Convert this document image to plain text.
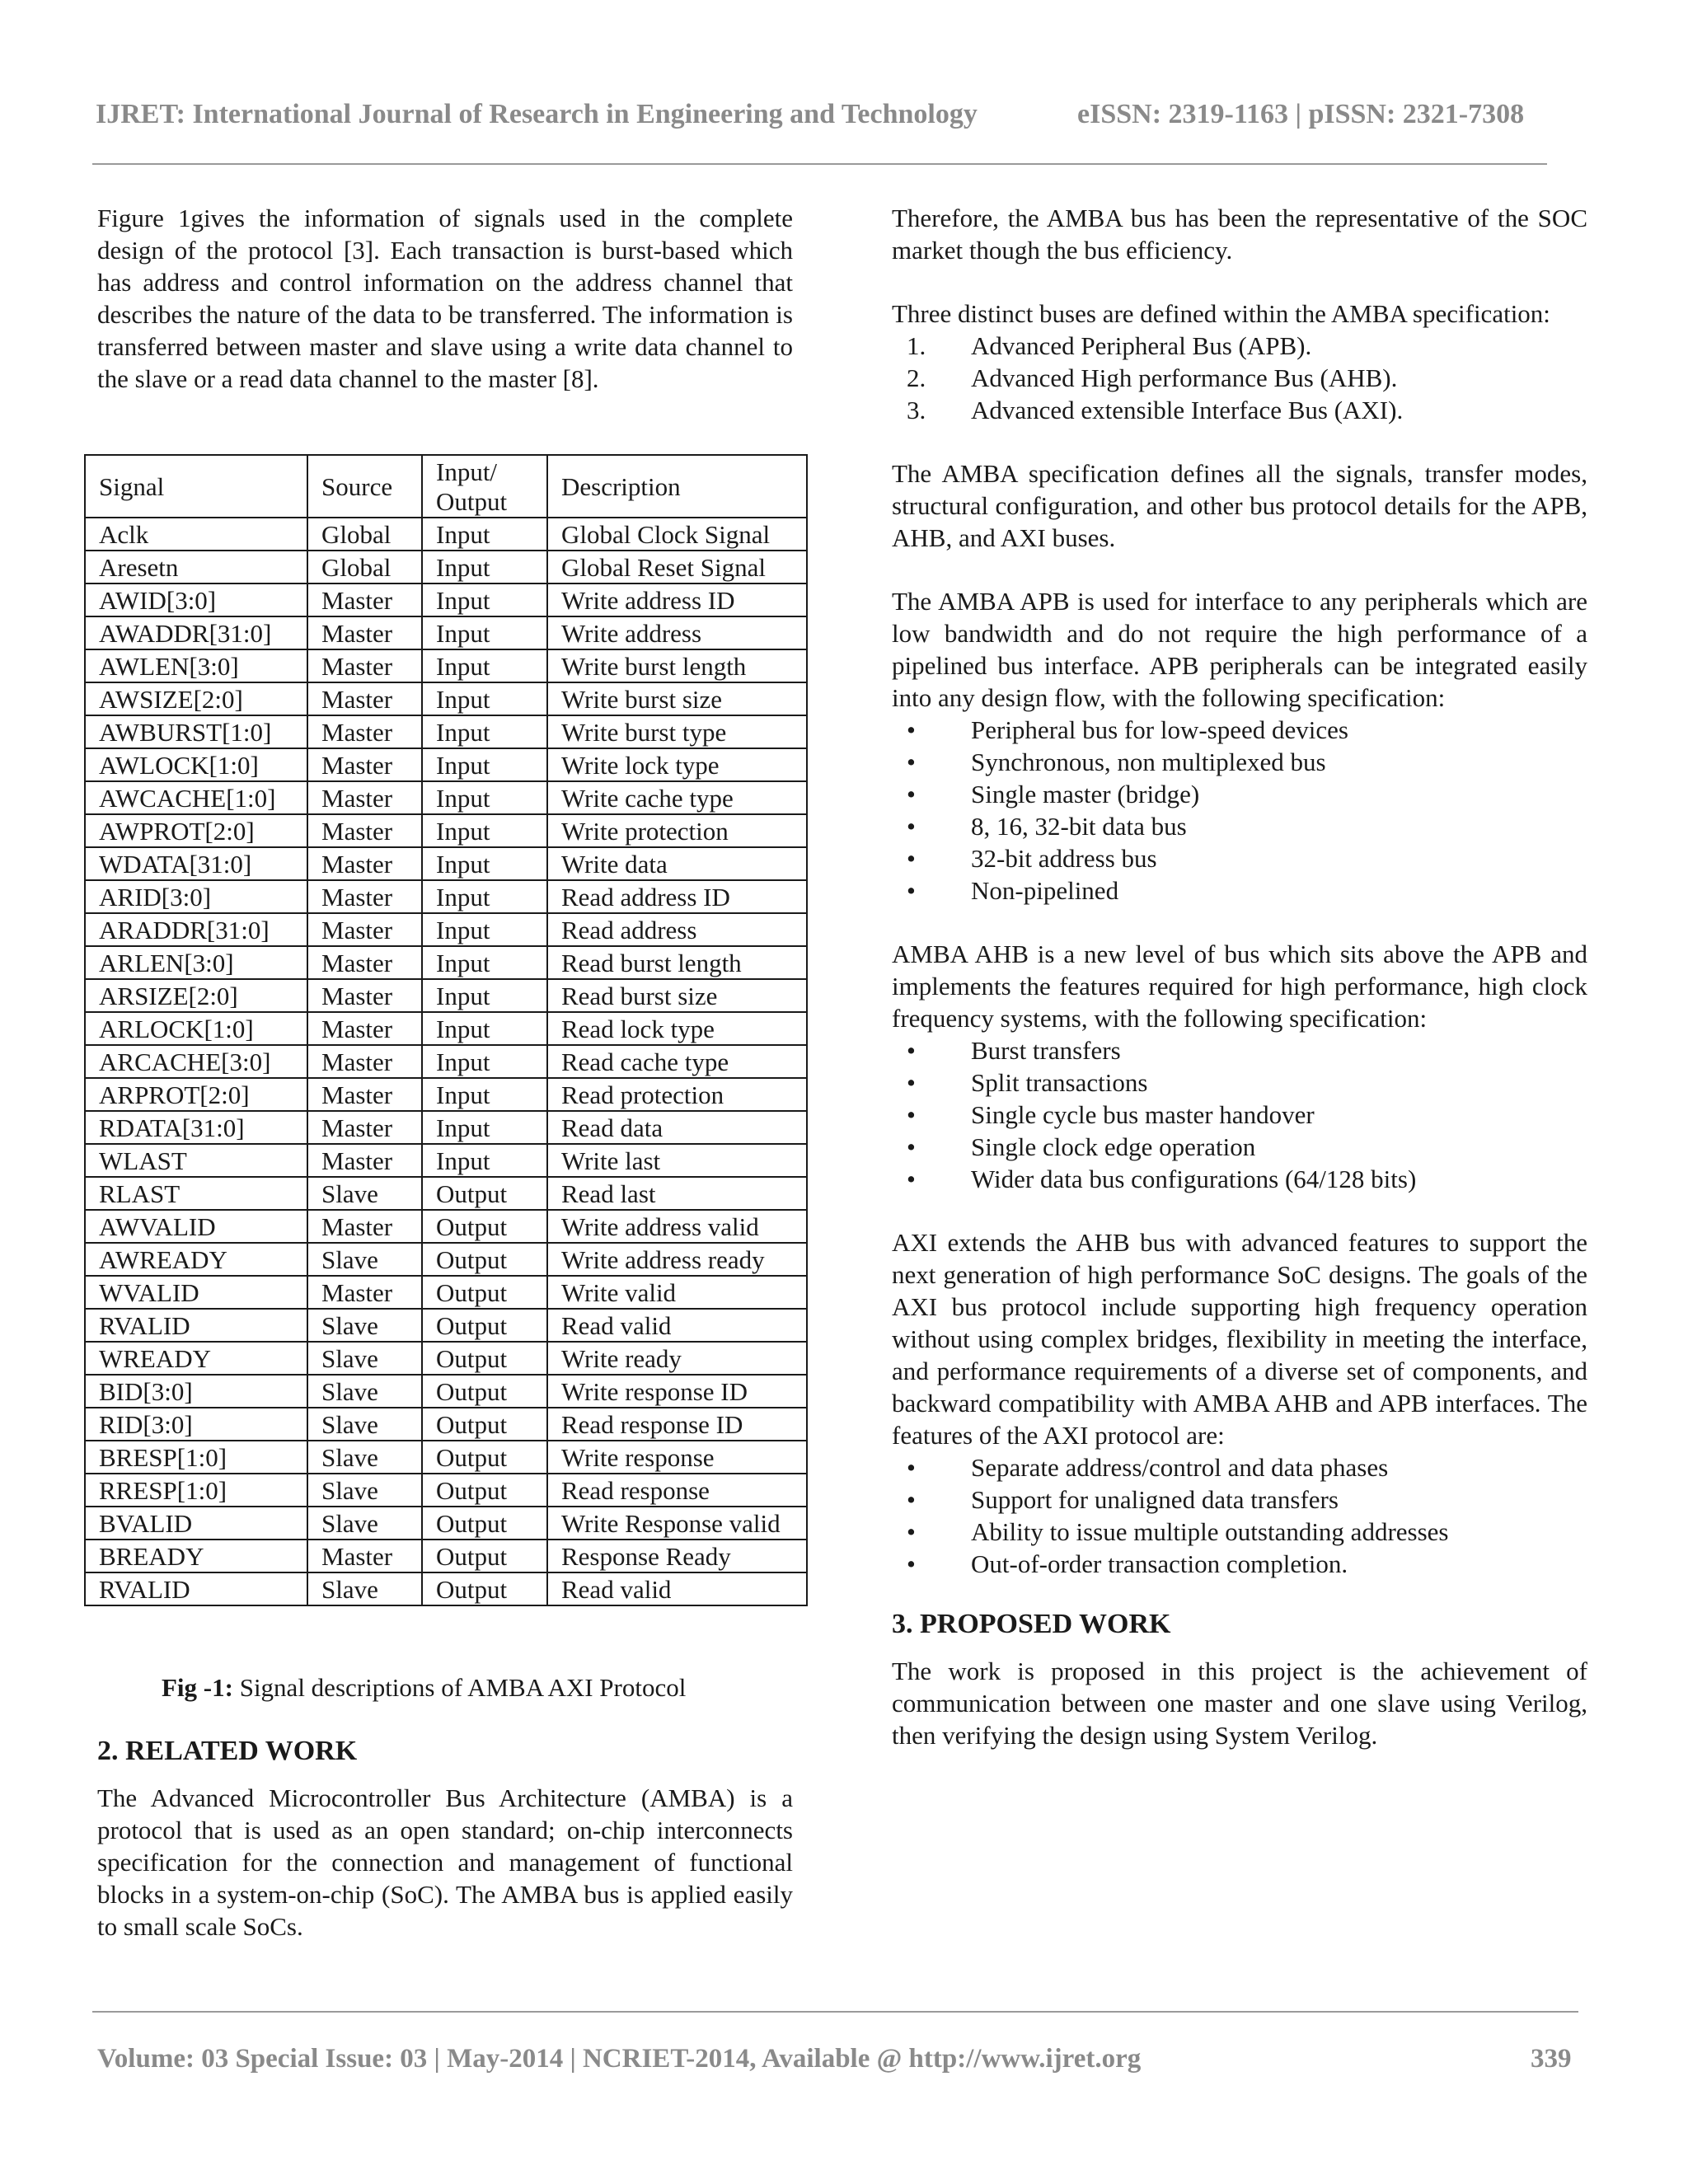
IJRET: International Journal of Research in Engineering and Technology	eISSN: 2319-1163 | pISSN: 2321-7308

Figure 1gives the information of signals used in the complete design of the protocol [3]. Each transaction is burst-based which has address and control information on the address channel that describes the nature of the data to be transferred. The information is transferred between master and slave using a write data channel to the slave or a read data channel to the master [8].

Signal	Source	Input/ Output	Description
Aclk	Global	Input	Global Clock Signal
Aresetn	Global	Input	Global Reset Signal
AWID[3:0]	Master	Input	Write address ID
AWADDR[31:0]	Master	Input	Write address
AWLEN[3:0]	Master	Input	Write burst length
AWSIZE[2:0]	Master	Input	Write burst size
AWBURST[1:0]	Master	Input	Write burst type
AWLOCK[1:0]	Master	Input	Write lock type
AWCACHE[1:0]	Master	Input	Write cache type
AWPROT[2:0]	Master	Input	Write protection
WDATA[31:0]	Master	Input	Write data
ARID[3:0]	Master	Input	Read address ID
ARADDR[31:0]	Master	Input	Read address
ARLEN[3:0]	Master	Input	Read burst length
ARSIZE[2:0]	Master	Input	Read burst size
ARLOCK[1:0]	Master	Input	Read lock type
ARCACHE[3:0]	Master	Input	Read cache type
ARPROT[2:0]	Master	Input	Read protection
RDATA[31:0]	Master	Input	Read data
WLAST	Master	Input	Write last
RLAST	Slave	Output	Read last
AWVALID	Master	Output	Write address valid
AWREADY	Slave	Output	Write address ready
WVALID	Master	Output	Write valid
RVALID	Slave	Output	Read valid
WREADY	Slave	Output	Write ready
BID[3:0]	Slave	Output	Write response ID
RID[3:0]	Slave	Output	Read response ID
BRESP[1:0]	Slave	Output	Write response
RRESP[1:0]	Slave	Output	Read response
BVALID	Slave	Output	Write Response valid
BREADY	Master	Output	Response Ready
RVALID	Slave	Output	Read valid
Fig -1: Signal descriptions of AMBA AXI Protocol

2. RELATED WORK

The Advanced Microcontroller Bus Architecture (AMBA) is a protocol that is used as an open standard; on-chip interconnects specification for the connection and management of functional blocks in a system-on-chip (SoC). The AMBA bus is applied easily to small scale SoCs.

Therefore, the AMBA bus has been the representative of the SOC market though the bus efficiency.

Three distinct buses are defined within the AMBA specification:

1. Advanced Peripheral Bus (APB).
2. Advanced High performance Bus (AHB).
3. Advanced extensible Interface Bus (AXI).

The AMBA specification defines all the signals, transfer modes, structural configuration, and other bus protocol details for the APB, AHB, and AXI buses.

The AMBA APB is used for interface to any peripherals which are low bandwidth and do not require the high performance of a pipelined bus interface. APB peripherals can be integrated easily into any design flow, with the following specification:

• Peripheral bus for low-speed devices
• Synchronous, non multiplexed bus
• Single master (bridge)
• 8, 16, 32-bit data bus
• 32-bit address bus
• Non-pipelined

AMBA AHB is a new level of bus which sits above the APB and implements the features required for high performance, high clock frequency systems, with the following specification:

• Burst transfers
• Split transactions
• Single cycle bus master handover
• Single clock edge operation
• Wider data bus configurations (64/128 bits)

AXI extends the AHB bus with advanced features to support the next generation of high performance SoC designs. The goals of the AXI bus protocol include supporting high frequency operation without using complex bridges, flexibility in meeting the interface, and performance requirements of a diverse set of components, and backward compatibility with AMBA AHB and APB interfaces. The features of the AXI protocol are:

• Separate address/control and data phases
• Support for unaligned data transfers
• Ability to issue multiple outstanding addresses
• Out-of-order transaction completion.

3. PROPOSED WORK

The work is proposed in this project is the achievement of communication between one master and one slave using Verilog, then verifying the design using System Verilog.

Volume: 03 Special Issue: 03 | May-2014 | NCRIET-2014, Available @ http://www.ijret.org	339
